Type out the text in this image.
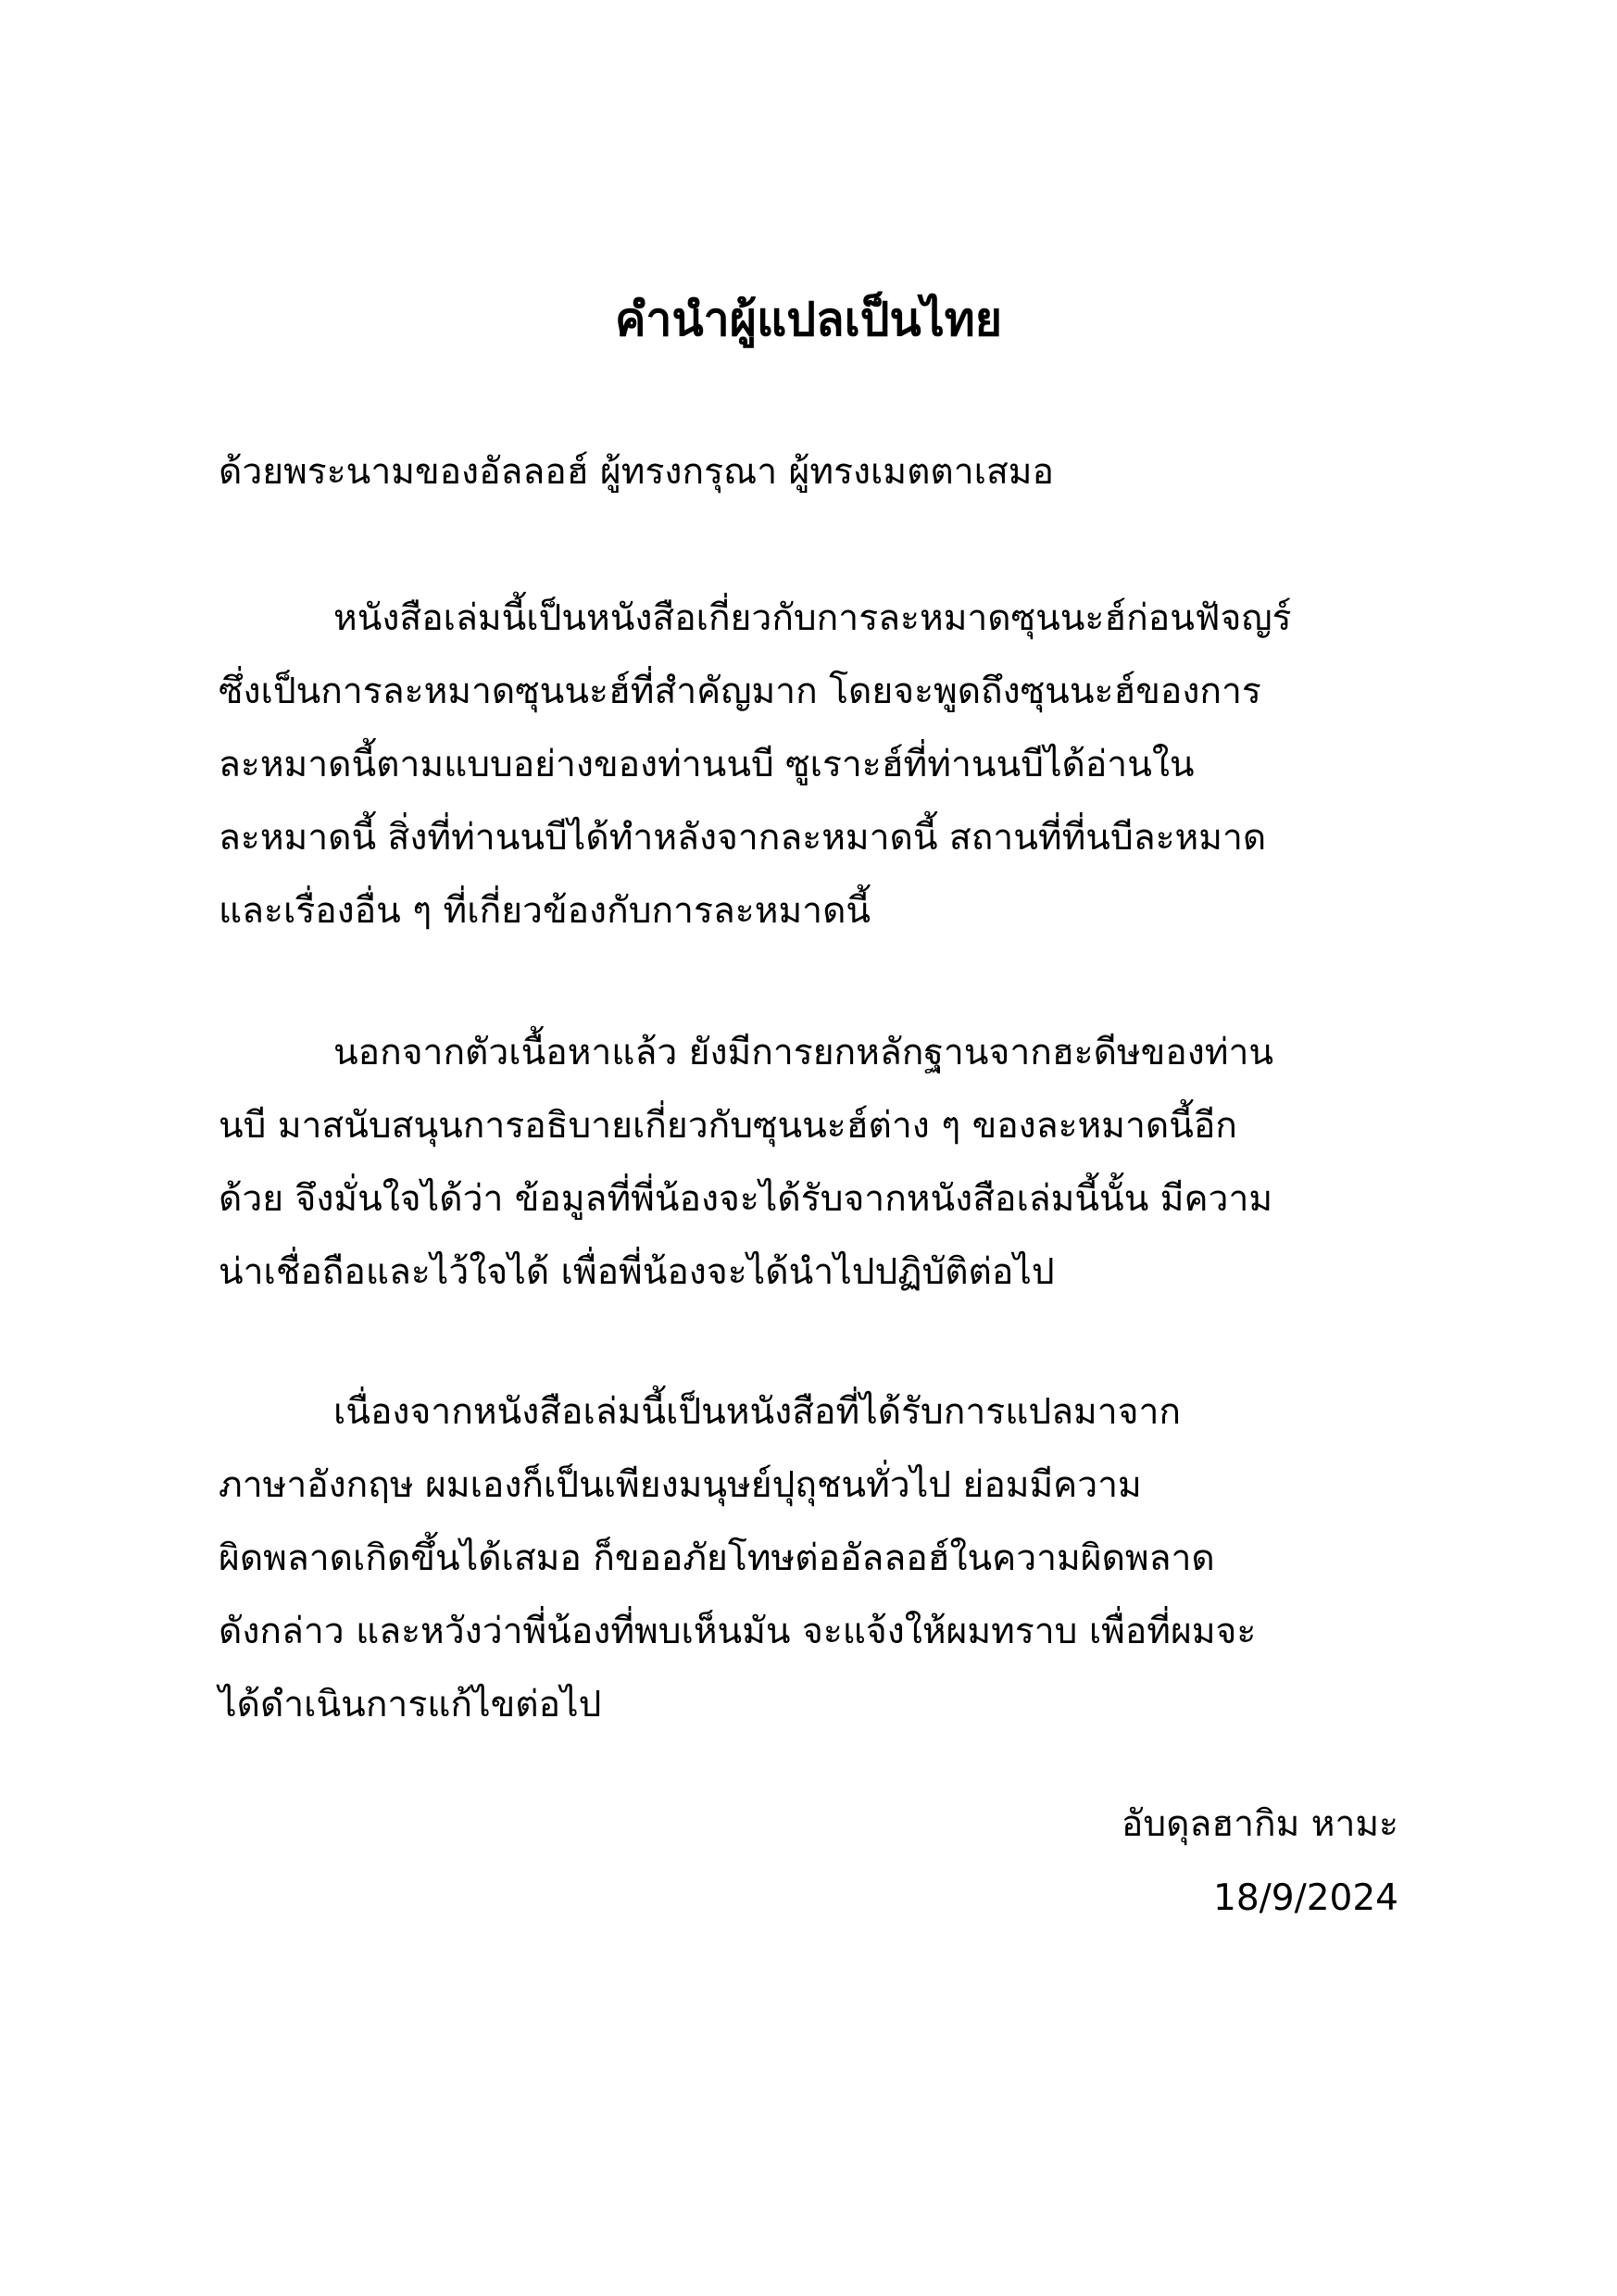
คำนำผู้แปลเป็นไทย

ด้วยพระนามของอัลลอฮ์ ผู้ทรงกรุณา ผู้ทรงเมตตาเสมอ

หนังสือเล่มนี้เป็นหนังสือเกี่ยวกับการละหมาดซุนนะฮ์ก่อนฟัจญร์
ซึ่งเป็นการละหมาดซุนนะฮ์ที่สำคัญมาก โดยจะพูดถึงซุนนะฮ์ของการ
ละหมาดนี้ตามแบบอย่างของท่านนบี ซูเราะฮ์ที่ท่านนบีได้อ่านใน
ละหมาดนี้ สิ่งที่ท่านนบีได้ทำหลังจากละหมาดนี้ สถานที่ที่นบีละหมาด
และเรื่องอื่น ๆ ที่เกี่ยวข้องกับการละหมาดนี้

นอกจากตัวเนื้อหาแล้ว ยังมีการยกหลักฐานจากฮะดีษของท่าน
นบี มาสนับสนุนการอธิบายเกี่ยวกับซุนนะฮ์ต่าง ๆ ของละหมาดนี้อีก
ด้วย จึงมั่นใจได้ว่า ข้อมูลที่พี่น้องจะได้รับจากหนังสือเล่มนี้นั้น มีความ
น่าเชื่อถือและไว้ใจได้ เพื่อพี่น้องจะได้นำไปปฏิบัติต่อไป

เนื่องจากหนังสือเล่มนี้เป็นหนังสือที่ได้รับการแปลมาจาก
ภาษาอังกฤษ ผมเองก็เป็นเพียงมนุษย์ปุถุชนทั่วไป ย่อมมีความ
ผิดพลาดเกิดขึ้นได้เสมอ ก็ขออภัยโทษต่ออัลลอฮ์ในความผิดพลาด
ดังกล่าว และหวังว่าพี่น้องที่พบเห็นมัน จะแจ้งให้ผมทราบ เพื่อที่ผมจะ
ได้ดำเนินการแก้ไขต่อไป

อับดุลฮากิม หามะ
18/9/2024
